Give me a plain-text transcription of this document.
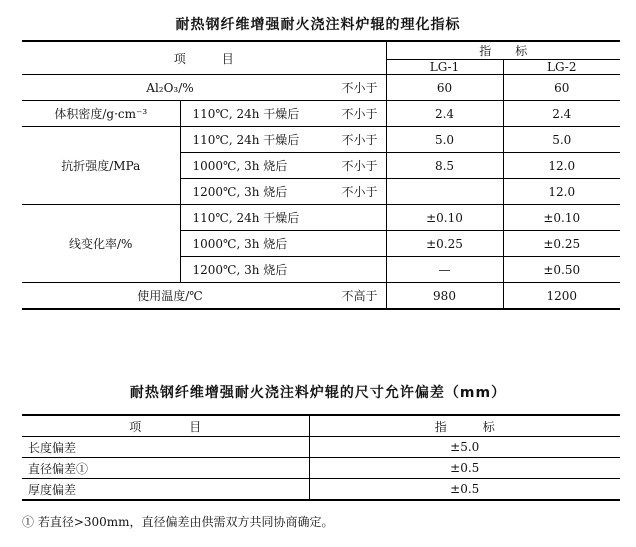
耐热钢纤维增强耐火浇注料炉辊的理化指标
项　　　目			指　　标	
			LG-1	LG-2
Al₂O₃/%		不小于	60	60
体积密度/g·cm⁻³	110℃, 24h 干燥后	不小于	2.4	2.4
抗折强度/MPa	110℃, 24h 干燥后	不小于	5.0	5.0
	1000℃, 3h 烧后	不小于	8.5	12.0
	1200℃, 3h 烧后	不小于		12.0
线变化率/%	110℃, 24h 干燥后		±0.10	±0.10
	1000℃, 3h 烧后		±0.25	±0.25
	1200℃, 3h 烧后		—	±0.50
使用温度/℃		不高于	980	1200
耐热钢纤维增强耐火浇注料炉辊的尺寸允许偏差（mm）
项　　　　目	指　　　标
长度偏差	±5.0
直径偏差①	±0.5
厚度偏差	±0.5
① 若直径>300mm，直径偏差由供需双方共同协商确定。
